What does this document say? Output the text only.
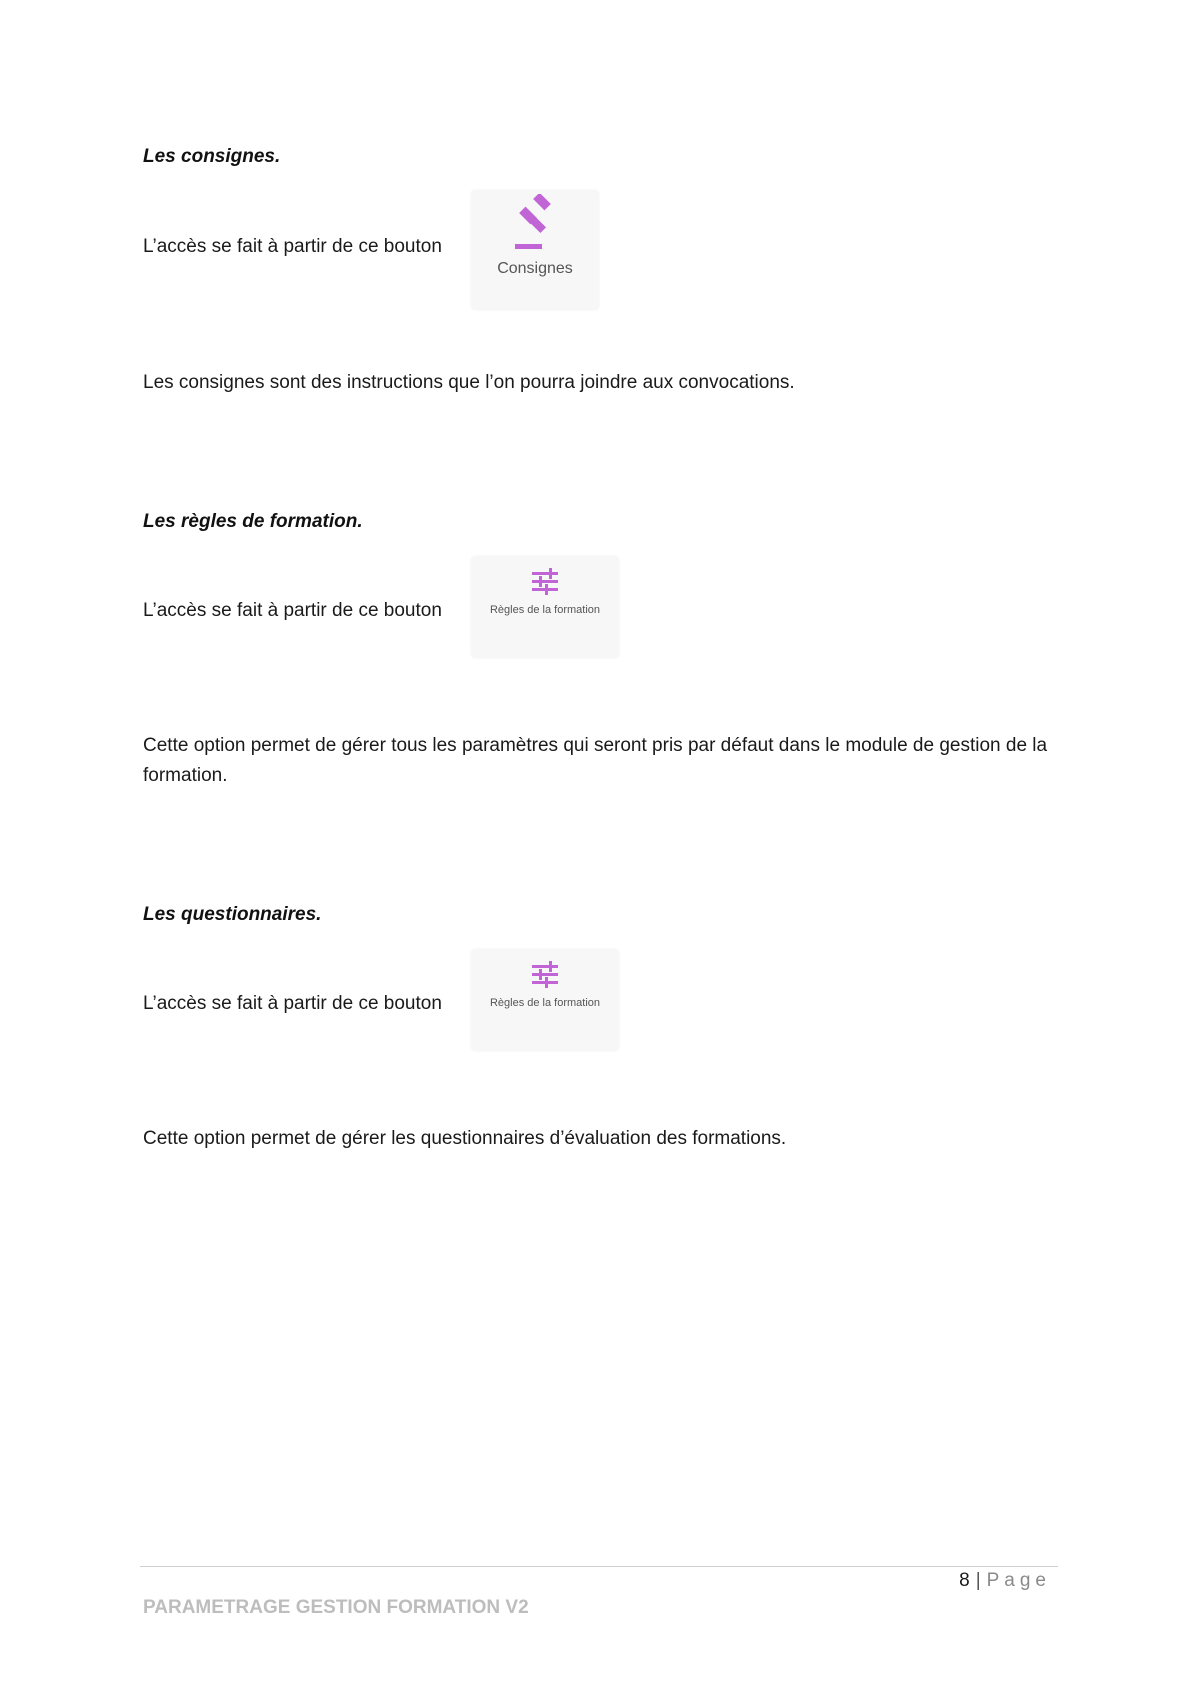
Les consignes.

L’accès se fait à partir de ce bouton

Consignes

Les consignes sont des instructions que l’on pourra joindre aux convocations.

Les règles de formation.

L’accès se fait à partir de ce bouton	Règles de la formation

Cette option permet de gérer tous les paramètres qui seront pris par défaut dans le module de gestion de la formation.

Les questionnaires.

L’accès se fait à partir de ce bouton	Règles de la formation

Cette option permet de gérer les questionnaires d’évaluation des formations.

8 | Page

PARAMETRAGE GESTION FORMATION V2
